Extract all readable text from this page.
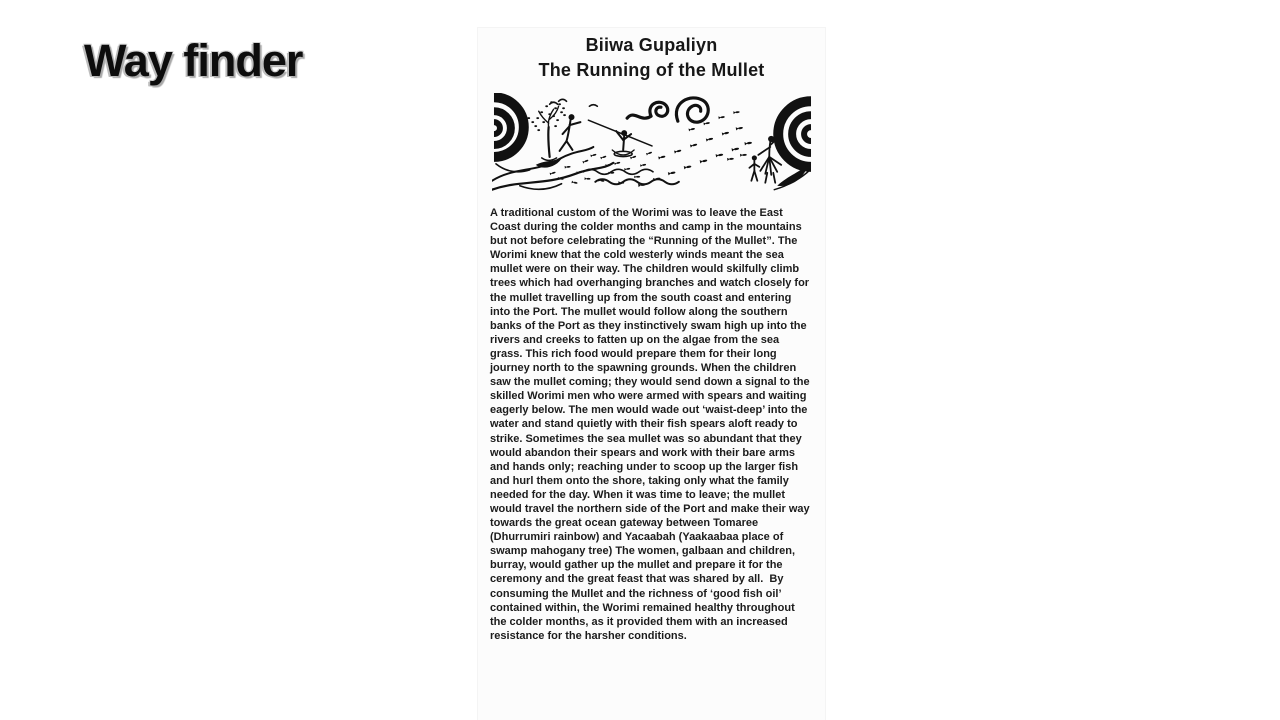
Way finder	Biiwa Gupaliyn
The Running of the Mullet

A traditional custom of the Worimi was to leave the East Coast during the colder months and camp in the mountains but not before celebrating the “Running of the Mullet”. The Worimi knew that the cold westerly winds meant the sea mullet were on their way. The children would skilfully climb trees which had overhanging branches and watch closely for the mullet travelling up from the south coast and entering into the Port. The mullet would follow along the southern banks of the Port as they instinctively swam high up into the rivers and creeks to fatten up on the algae from the sea grass. This rich food would prepare them for their long journey north to the spawning grounds. When the children saw the mullet coming; they would send down a signal to the skilled Worimi men who were armed with spears and waiting eagerly below. The men would wade out ‘waist-deep’ into the water and stand quietly with their fish spears aloft ready to strike. Sometimes the sea mullet was so abundant that they would abandon their spears and work with their bare arms and hands only; reaching under to scoop up the larger fish and hurl them onto the shore, taking only what the family needed for the day. When it was time to leave; the mullet would travel the northern side of the Port and make their way towards the great ocean gateway between Tomaree (Dhurrumiri rainbow) and Yacaabah (Yaakaabaa place of swamp mahogany tree) The women, galbaan and children, burray, would gather up the mullet and prepare it for the ceremony and the great feast that was shared by all.  By consuming the Mullet and the richness of ‘good fish oil’ contained within, the Worimi remained healthy throughout the colder months, as it provided them with an increased resistance for the harsher conditions.
